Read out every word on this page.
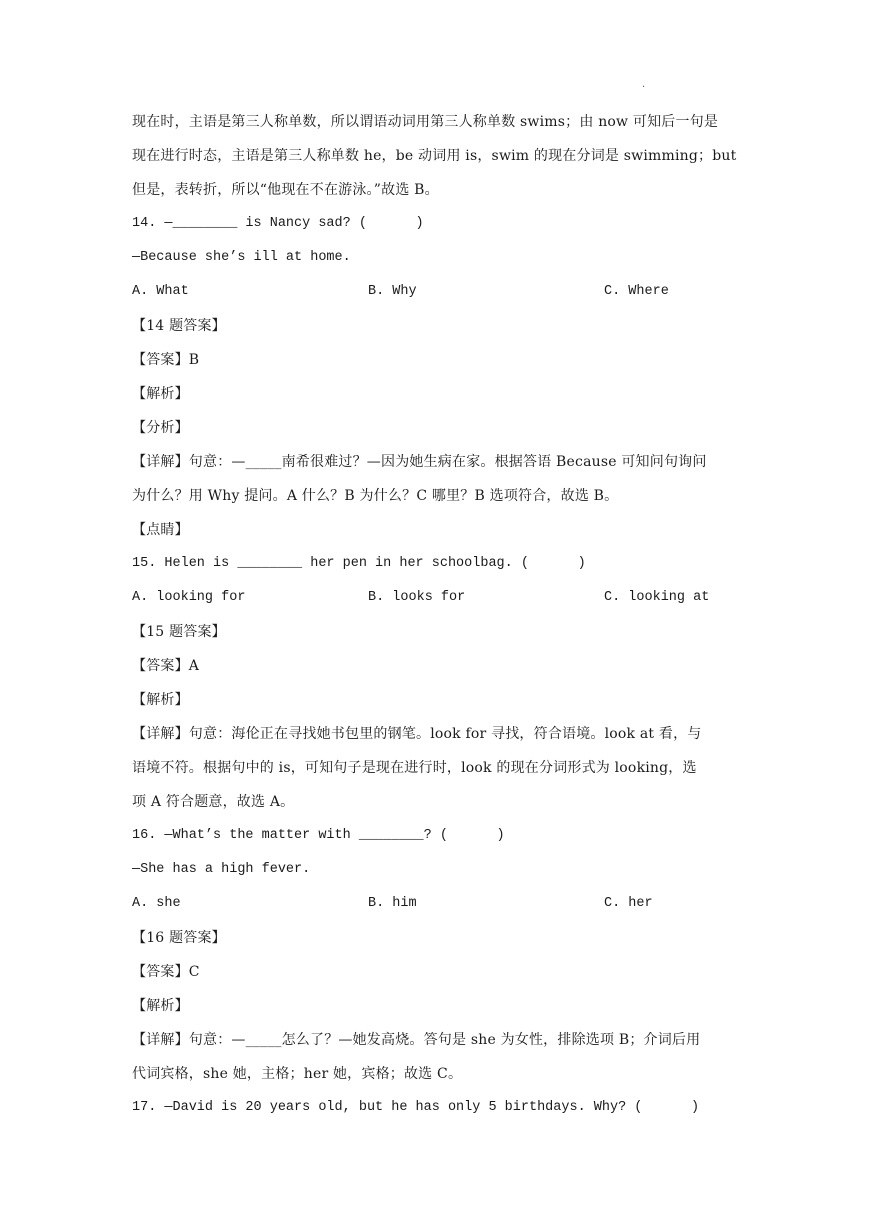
·
现在时，主语是第三人称单数，所以谓语动词用第三人称单数 swims；由 now 可知后一句是
现在进行时态，主语是第三人称单数 he，be 动词用 is，swim 的现在分词是 swimming；but
但是，表转折，所以“他现在不在游泳。”故选 B。
14. —________ is Nancy sad? (      )
—Because she’s ill at home.
A. What	B. Why	C. Where
【14 题答案】
【答案】B
【解析】
【分析】
【详解】句意：—_____南希很难过？—因为她生病在家。根据答语 Because 可知问句询问
为什么？用 Why 提问。A 什么？B 为什么？C 哪里？B 选项符合，故选 B。
【点睛】
15. Helen is ________ her pen in her schoolbag. (      )
A. looking for	B. looks for	C. looking at
【15 题答案】
【答案】A
【解析】
【详解】句意：海伦正在寻找她书包里的钢笔。look for 寻找，符合语境。look at 看，与
语境不符。根据句中的 is，可知句子是现在进行时，look 的现在分词形式为 looking，选
项 A 符合题意，故选 A。
16. —What’s the matter with ________? (      )
—She has a high fever.
A. she	B. him	C. her
【16 题答案】
【答案】C
【解析】
【详解】句意：—_____怎么了？—她发高烧。答句是 she 为女性，排除选项 B；介词后用
代词宾格，she 她，主格；her 她，宾格；故选 C。
17. —David is 20 years old, but he has only 5 birthdays. Why? (      )
